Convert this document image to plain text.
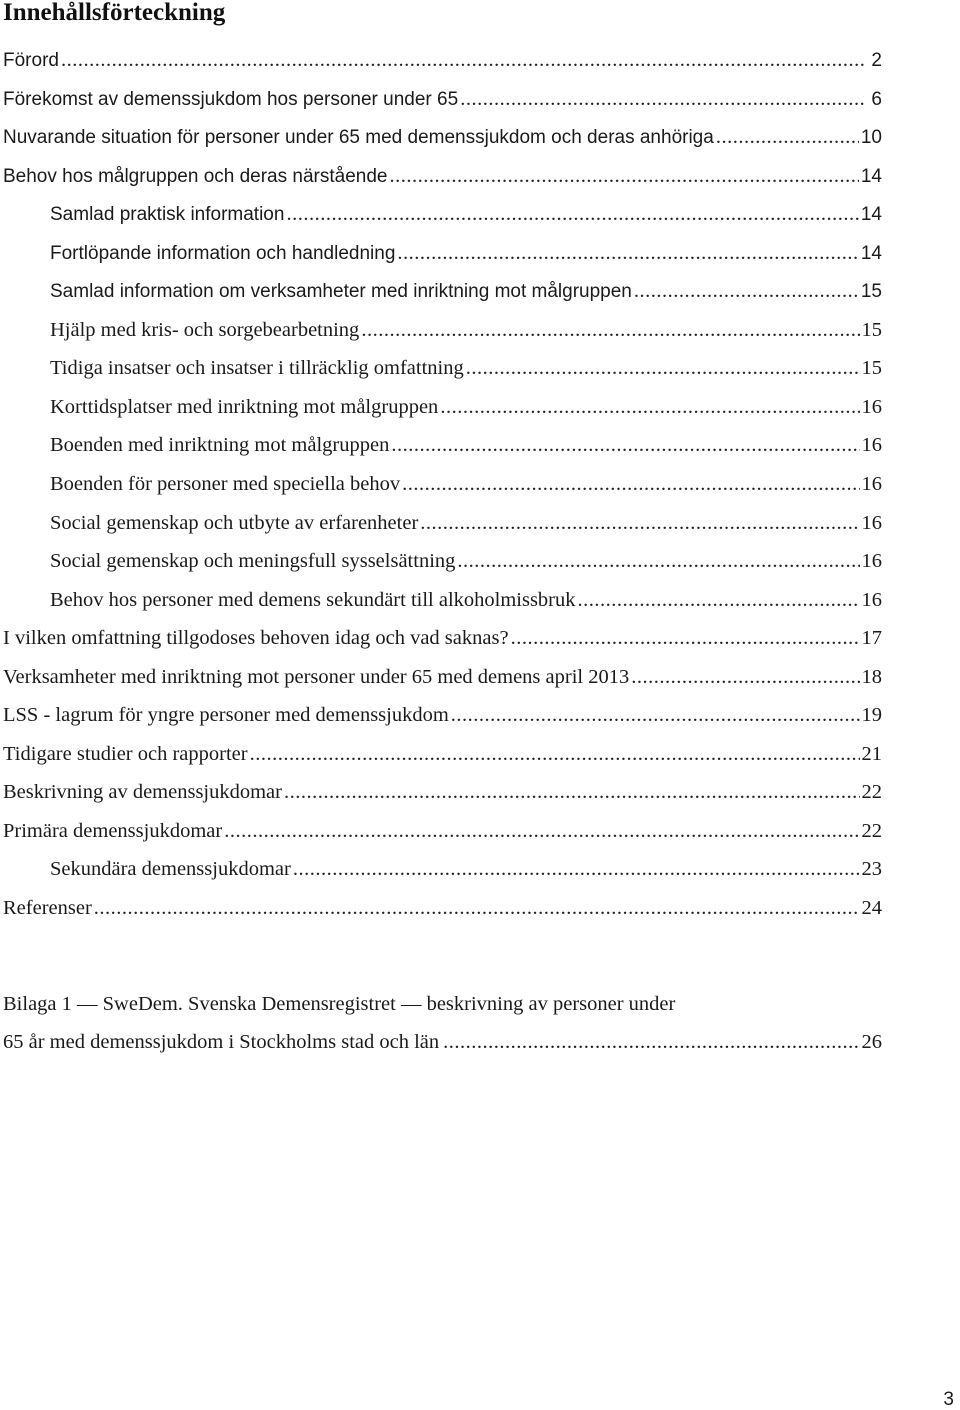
Innehållsförteckning
Förord .....	2
Förekomst av demenssjukdom hos personer under 65 .....	6
Nuvarande situation för personer under 65 med demenssjukdom och deras anhöriga .....	10
Behov hos målgruppen och deras närstående .....	14
Samlad praktisk information .....	14
Fortlöpande information och handledning .....	14
Samlad information om verksamheter med inriktning mot målgruppen .....	15
Hjälp med kris- och sorgebearbetning .....	15
Tidiga insatser och insatser i tillräcklig omfattning .....	15
Korttidsplatser med inriktning mot målgruppen .....	16
Boenden med inriktning mot målgruppen .....	16
Boenden för personer med speciella behov .....	16
Social gemenskap och utbyte av erfarenheter .....	16
Social gemenskap och meningsfull sysselsättning .....	16
Behov hos personer med demens sekundärt till alkoholmissbruk .....	16
I vilken omfattning tillgodoses behoven idag och vad saknas? .....	17
Verksamheter med inriktning mot personer under 65 med demens april 2013 .....	18
LSS - lagrum för yngre personer med demenssjukdom .....	19
Tidigare studier och rapporter .....	21
Beskrivning av demenssjukdomar .....	22
Primära demenssjukdomar .....	22
Sekundära demenssjukdomar .....	23
Referenser .....	24
Bilaga 1 — SweDem. Svenska Demensregistret — beskrivning av personer under
65 år med demenssjukdom i Stockholms stad och län .....	26
3
